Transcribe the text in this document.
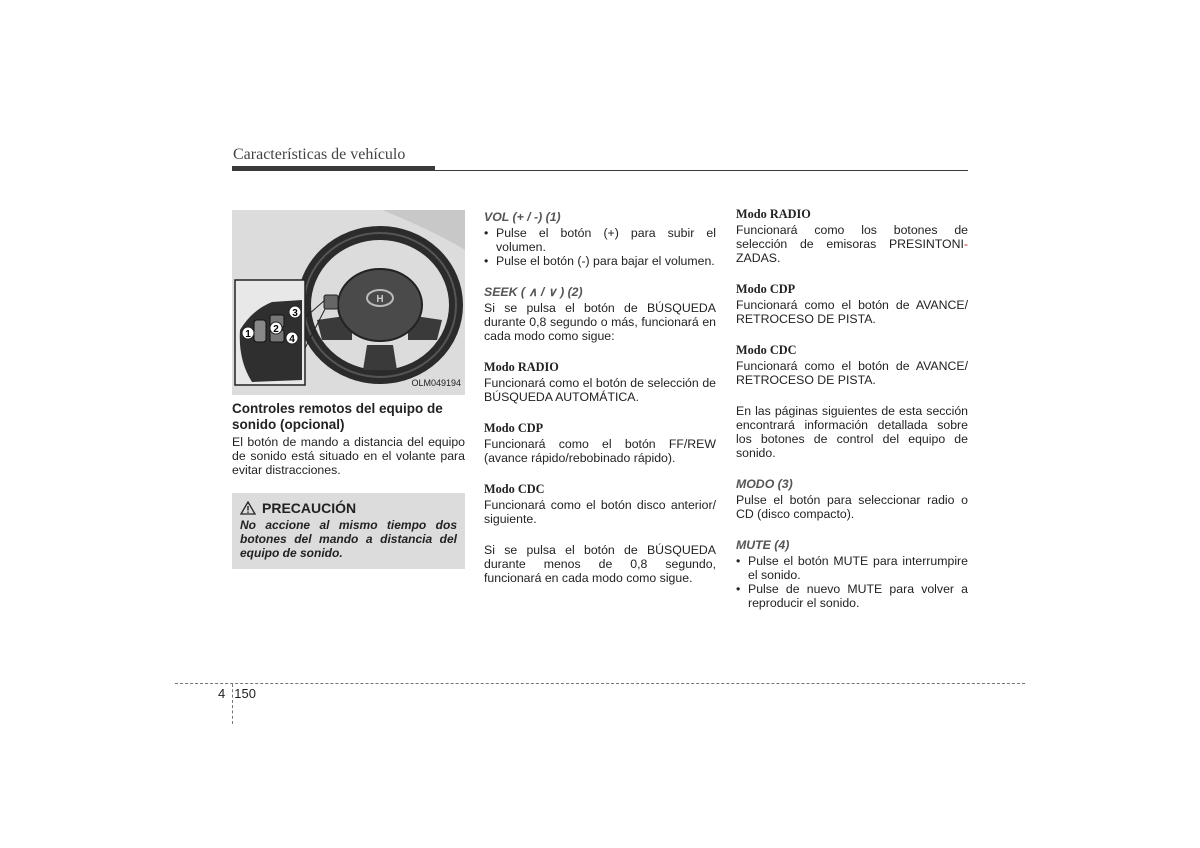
Características de vehículo
H
1 2
3
4
OLM049194
Controles remotos del equipo de sonido (opcional)

El botón de mando a distancia del equipo de sonido está situado en el volante para evitar distracciones.

PRECAUCIÓN
No accione al mismo tiempo dos botones del mando a distancia del equipo de sonido.
VOL (+ / -) (1)
• Pulse el botón (+) para subir el volumen.
• Pulse el botón (-) para bajar el volumen.
SEEK ( ∧ / ∨ ) (2)

Si se pulsa el botón de BÚSQUEDA durante 0,8 segundo o más, funcionará en cada modo como sigue:

Modo RADIO

Funcionará como el botón de selección de BÚSQUEDA AUTOMÁTICA.

Modo CDP

Funcionará como el botón FF/REW (avance rápido/rebobinado rápido).

Modo CDC

Funcionará como el botón disco anterior/ siguiente.

Si se pulsa el botón de BÚSQUEDA durante menos de 0,8 segundo, funcionará en cada modo como sigue.

Modo RADIO

Funcionará como los botones de selección de emisoras PRESINTONI- ZADAS.

Modo CDP

Funcionará como el botón de AVANCE/ RETROCESO DE PISTA.

Modo CDC

Funcionará como el botón de AVANCE/ RETROCESO DE PISTA.

En las páginas siguientes de esta sección encontrará información detallada sobre los botones de control del equipo de sonido.

MODO (3)

Pulse el botón para seleccionar radio o CD (disco compacto).

MUTE (4)
• Pulse el botón MUTE para interrumpire el sonido.
• Pulse de nuevo MUTE para volver a reproducir el sonido.
4 150
